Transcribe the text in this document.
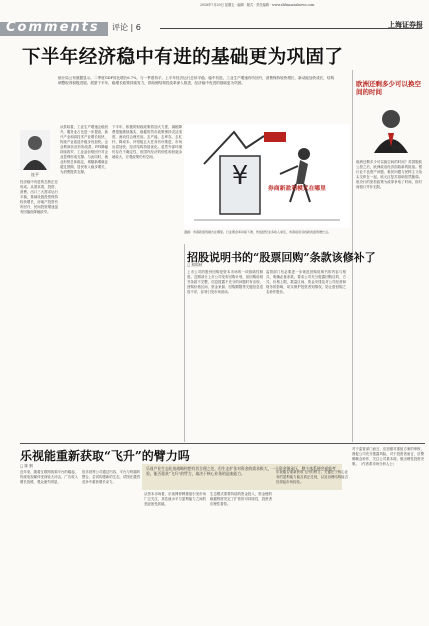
2016年7月29日 星期五 · 编辑 · 版式 · 责任编辑 · www.shfinancialnews.com
Comments 评论 | 6	上海证券报
下半年经济稳中有进的基础更为巩固了
统计局公布数据显示，二季度GDP同比增长6.7%，与一季度持平，上半年经济运行总体平稳、稳中有进。工业生产增速有所回升，消费保持较快增长，新动能加快成长，结构调整取得积极进展。展望下半年，稳增长政策持续发力，供给侧结构性改革深入推进，经济稳中有进的基础更为巩固。
连平
经济稳中有进的态势正在形成。从需求看，投资、消费、出口三大需求运行平稳，基础设施投资保持较快增长，房地产投资有所回升，民间投资增速虽有回落但降幅收窄。
从供给看，工业生产增速企稳回升，服务业占比进一步提高，新兴产业和高技术产业增长较快，传统产业改造升级步伐加快。企业利润状况有所改善，PPI降幅持续收窄，工业品价格回升对企业盈利形成支撑。与此同时，就业形势总体稳定，城镇新增就业超过预期，居民收入稳步增长，为消费提供支撑。
下半年，积极的财政政策将加大力度，减税降费措施继续落实，稳健的货币政策保持灵活适度，流动性合理充裕。去产能、去库存、去杠杆、降成本、补短板五大任务有序推进，市场出清加快，经济结构持续优化。虽然外部环境仍存在不确定性，但国内经济的韧性和回旋余地较大，宏观政策仍有空间。
¥	券商新盈利模式在哪里
漫画：券商新盈利模式在哪里。行业佣金率持续下滑，传统经纪业务收入承压，券商亟需寻找新的盈利增长点。
招股说明书的“股票回购”条款该修补了
□ 熊锦秋
上市公司的股份回购是资本市场的一项基础性制度。近期部分上市公司发布回购计划，但回购说明书条款不完整、信息披露不充分的问题时有出现，回购价格区间、资金来源、回购期限等关键信息语焉不详，容易引发市场误读。
监管部门有必要进一步规范回购说明书的内容与格式，明确必备条款，要求公司充分披露回购目的、方式、价格上限、数量区间、资金安排及对公司经营和财务的影响，切实保护投资者知情权，防止借回购之名炒作股价。
欧洲还剩多少可以换空间的时间
潘 敏
欧洲还剩多少可以换空间的时间？英国脱欧公投之后，欧洲政治经济面临新的挑战。银行业不良资产问题、难民问题与民粹主义抬头交织在一起，欧元区复苏基础依然脆弱。欧央行的宽松政策为改革争取了时间，但时间窗口并非无限。
乐视能重新获取“飞升”的臂力吗
□ 陈 钢	乐视产业生态化的战略构想有其合理之处，但生态扩张对资金的需求极大，一旦资金链承压，整个体系便会面临考验。能否重获“飞升”的臂力，取决于核心业务的造血能力。
近年来，随着互联网视频平台的崛起，传统电视媒体受到较大冲击，广告收入增长放缓，观众流失明显。
但乐视等公司通过内容、平台与终端的整合，尝试构建新的生态，试图在激烈竞争中重获增长动力。
从资本市场看，乐视网停牌重组引发市场广泛关注，其估值水平与盈利能力之间的差距备受质疑。
生态模式需要持续的资金投入，资金链的稳健程度决定了扩张的可持续性，投资者应理性看待。
乐视能否重新获取飞升的臂力，关键在于核心业务的盈利能力能否真正兑现，以及治理结构能否经得起市场检验。
对于监管部门而言，应加强对重组方案的审核，督促公司充分披露风险，对于投资者而言，应警惕概念炒作，关注公司基本面，做出理性投资决策。（作者系市场分析人士）
